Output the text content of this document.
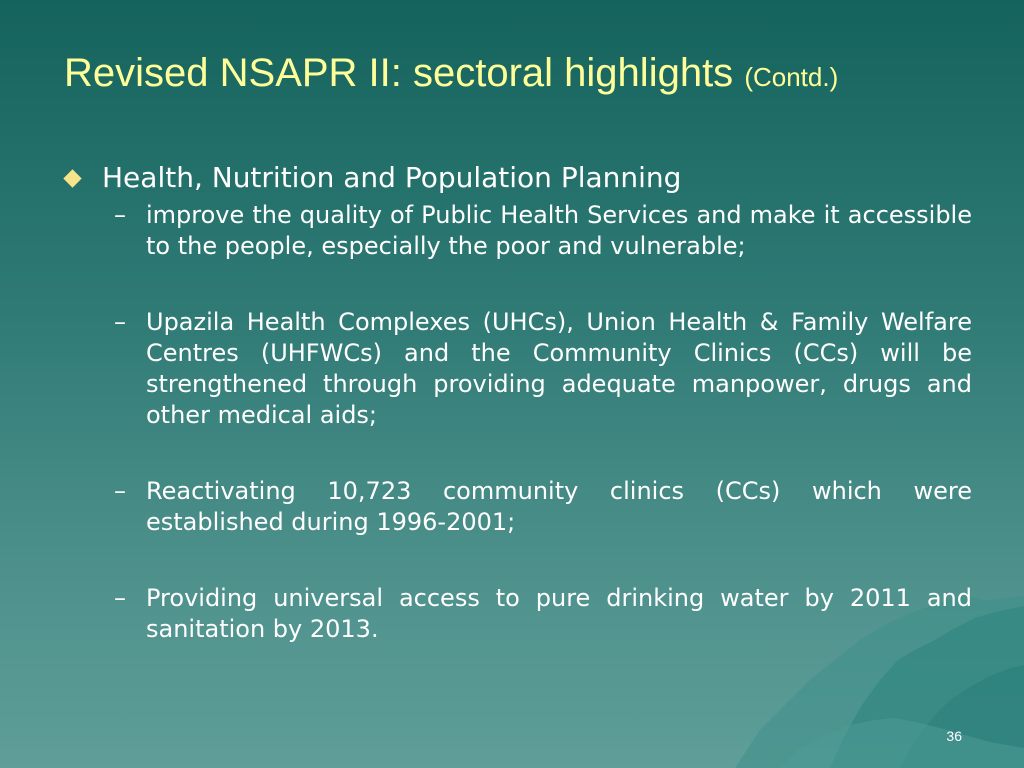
Revised NSAPR II: sectoral highlights (Contd.)
Health, Nutrition and Population Planning
– improve the quality of Public Health Services and make it accessible to the people, especially the poor and vulnerable;
– Upazila Health Complexes (UHCs), Union Health & Family Welfare Centres (UHFWCs) and the Community Clinics (CCs) will be strengthened through providing adequate manpower, drugs and other medical aids;
– Reactivating 10,723 community clinics (CCs) which were established during 1996-2001;
– Providing universal access to pure drinking water by 2011 and sanitation by 2013.
36
